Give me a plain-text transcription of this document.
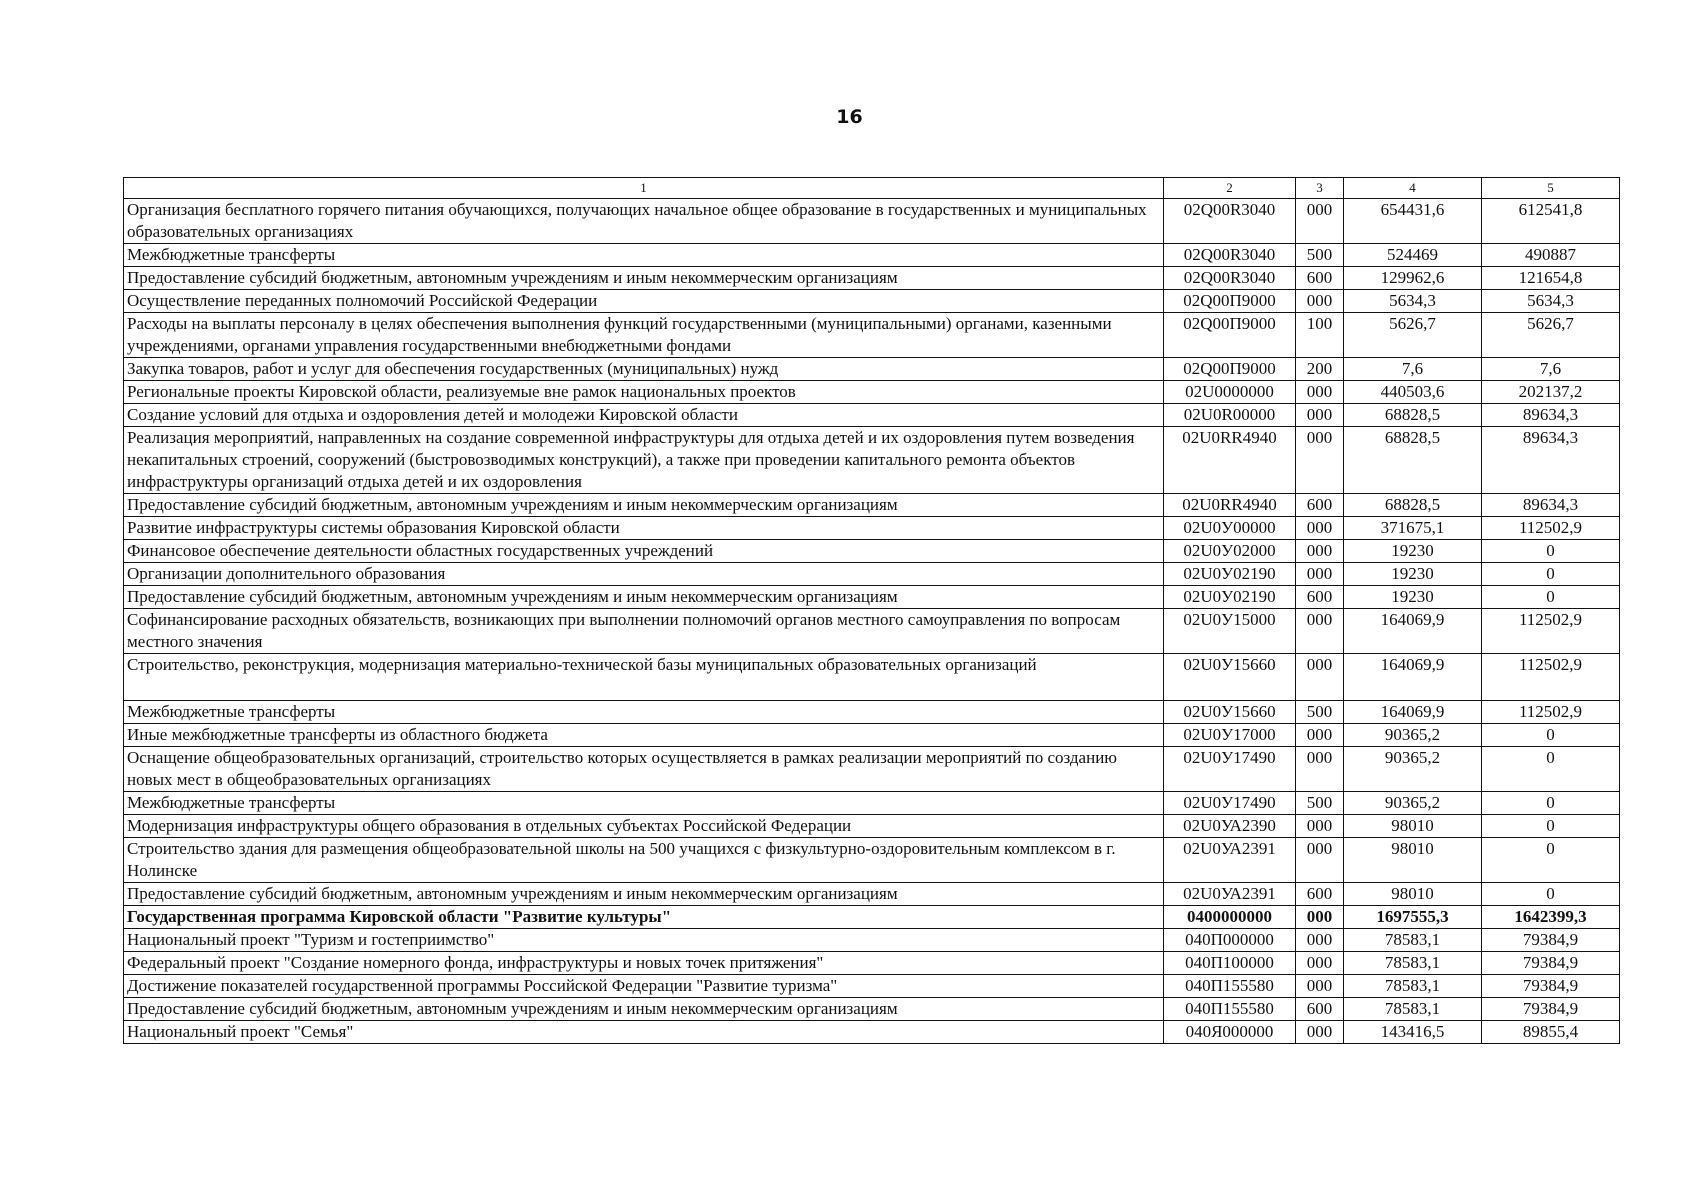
16
1	2	3	4	5
Организация бесплатного горячего питания обучающихся, получающих начальное общее образование в государственных и муниципальных образовательных организациях	02Q00R3040	000	654431,6	612541,8
Межбюджетные трансферты	02Q00R3040	500	524469	490887
Предоставление субсидий бюджетным, автономным учреждениям и иным некоммерческим организациям	02Q00R3040	600	129962,6	121654,8
Осуществление переданных полномочий Российской Федерации	02Q00П9000	000	5634,3	5634,3
Расходы на выплаты персоналу в целях обеспечения выполнения функций государственными (муниципальными) органами, казенными учреждениями, органами управления государственными внебюджетными фондами	02Q00П9000	100	5626,7	5626,7
Закупка товаров, работ и услуг для обеспечения государственных (муниципальных) нужд	02Q00П9000	200	7,6	7,6
Региональные проекты Кировской области, реализуемые вне рамок национальных проектов	02U0000000	000	440503,6	202137,2
Создание условий для отдыха и оздоровления детей и молодежи Кировской области	02U0R00000	000	68828,5	89634,3
Реализация мероприятий, направленных на создание современной инфраструктуры для отдыха детей и их оздоровления путем возведения некапитальных строений, сооружений (быстровозводимых конструкций), а также при проведении капитального ремонта объектов инфраструктуры организаций отдыха детей и их оздоровления	02U0RR4940	000	68828,5	89634,3
Предоставление субсидий бюджетным, автономным учреждениям и иным некоммерческим организациям	02U0RR4940	600	68828,5	89634,3
Развитие инфраструктуры системы образования Кировской области	02U0У00000	000	371675,1	112502,9
Финансовое обеспечение деятельности областных государственных учреждений	02U0У02000	000	19230	0
Организации дополнительного образования	02U0У02190	000	19230	0
Предоставление субсидий бюджетным, автономным учреждениям и иным некоммерческим организациям	02U0У02190	600	19230	0
Софинансирование расходных обязательств, возникающих при выполнении полномочий органов местного самоуправления по вопросам местного значения	02U0У15000	000	164069,9	112502,9
Строительство, реконструкция, модернизация материально-технической базы муниципальных образовательных организаций	02U0У15660	000	164069,9	112502,9
Межбюджетные трансферты	02U0У15660	500	164069,9	112502,9
Иные межбюджетные трансферты из областного бюджета	02U0У17000	000	90365,2	0
Оснащение общеобразовательных организаций, строительство которых осуществляется в рамках реализации мероприятий по созданию новых мест в общеобразовательных организациях	02U0У17490	000	90365,2	0
Межбюджетные трансферты	02U0У17490	500	90365,2	0
Модернизация инфраструктуры общего образования в отдельных субъектах Российской Федерации	02U0УА2390	000	98010	0
Строительство здания для размещения общеобразовательной школы на 500 учащихся с физкультурно-оздоровительным комплексом в г. Нолинске	02U0УА2391	000	98010	0
Предоставление субсидий бюджетным, автономным учреждениям и иным некоммерческим организациям	02U0УА2391	600	98010	0
Государственная программа Кировской области "Развитие культуры"	0400000000	000	1697555,3	1642399,3
Национальный проект "Туризм и гостеприимство"	040П000000	000	78583,1	79384,9
Федеральный проект "Создание номерного фонда, инфраструктуры и новых точек притяжения"	040П100000	000	78583,1	79384,9
Достижение показателей государственной программы Российской Федерации "Развитие туризма"	040П155580	000	78583,1	79384,9
Предоставление субсидий бюджетным, автономным учреждениям и иным некоммерческим организациям	040П155580	600	78583,1	79384,9
Национальный проект "Семья"	040Я000000	000	143416,5	89855,4
